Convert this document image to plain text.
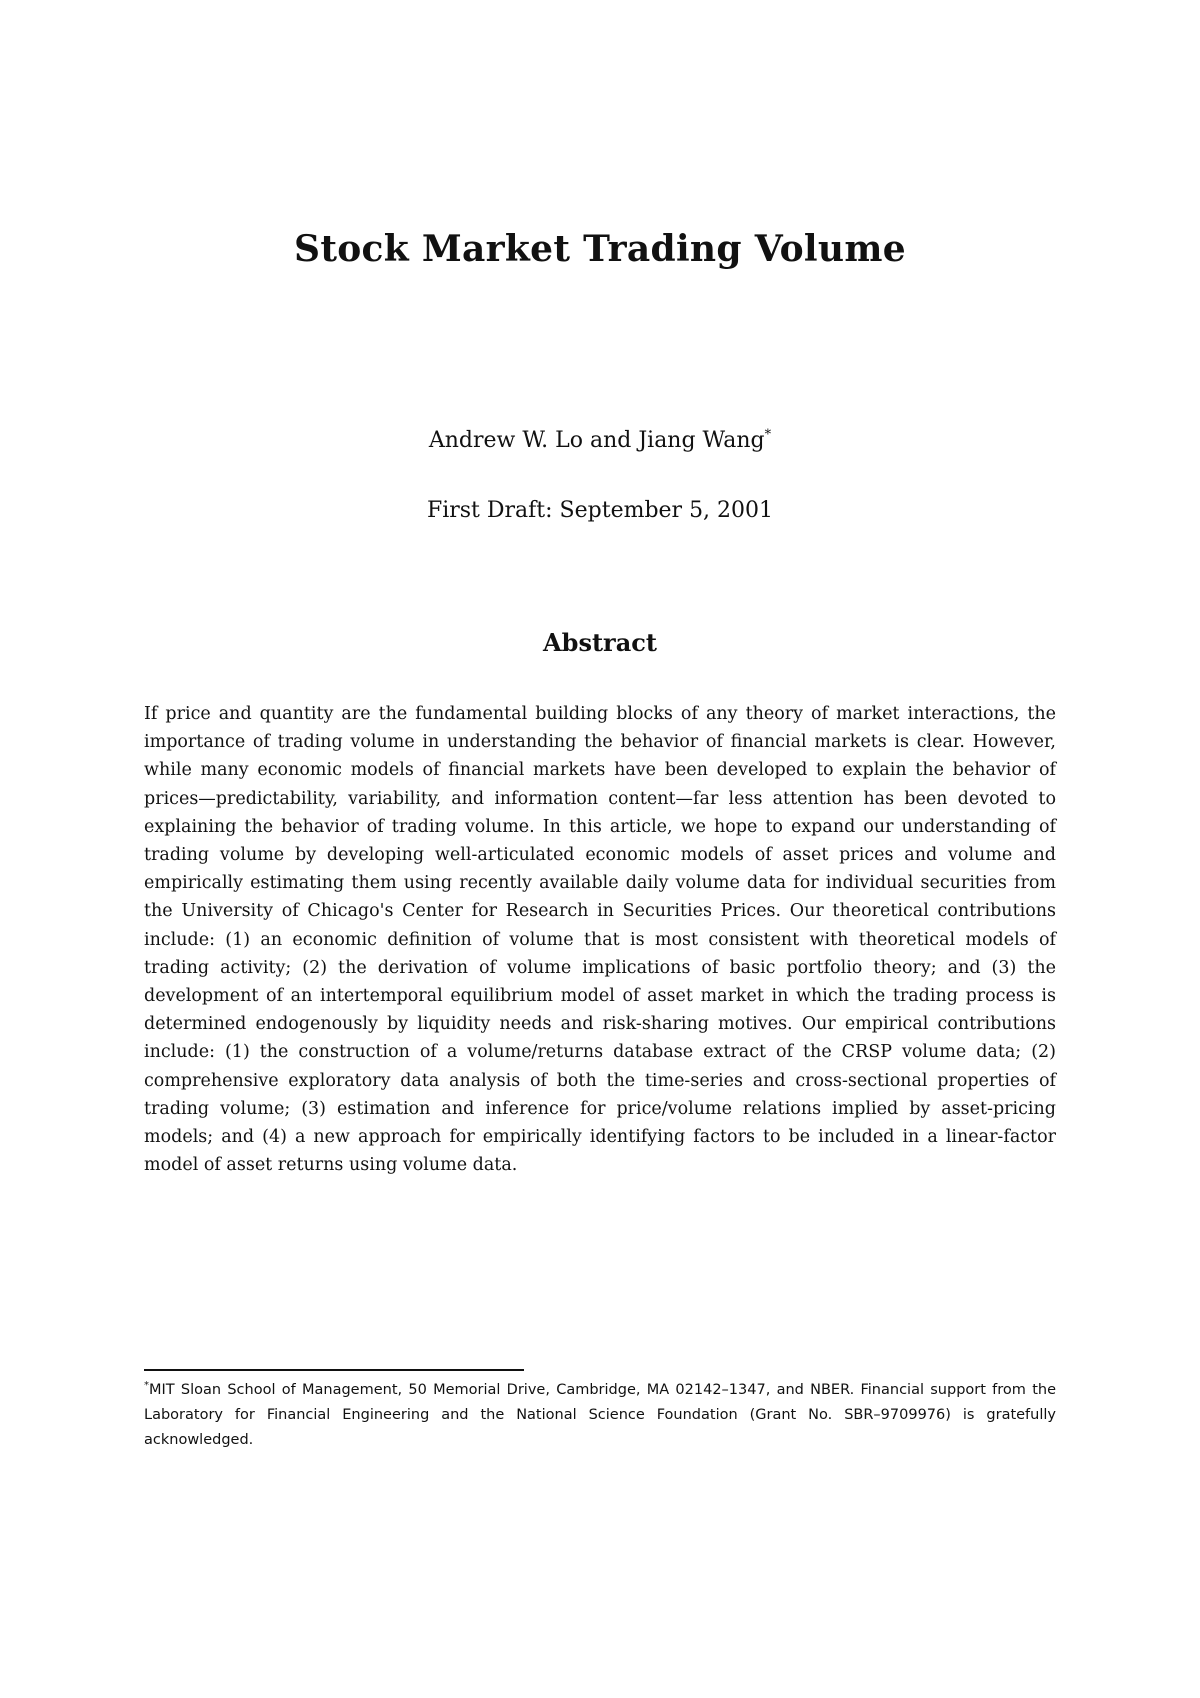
Stock Market Trading Volume
Andrew W. Lo and Jiang Wang*
First Draft: September 5, 2001
Abstract
If price and quantity are the fundamental building blocks of any theory of market interactions, the importance of trading volume in understanding the behavior of financial markets is clear. However, while many economic models of financial markets have been developed to explain the behavior of prices—predictability, variability, and information content—far less attention has been devoted to explaining the behavior of trading volume. In this article, we hope to expand our understanding of trading volume by developing well-articulated economic models of asset prices and volume and empirically estimating them using recently available daily volume data for individual securities from the University of Chicago's Center for Research in Securities Prices. Our theoretical contributions include: (1) an economic definition of volume that is most consistent with theoretical models of trading activity; (2) the derivation of volume implications of basic portfolio theory; and (3) the development of an intertemporal equilibrium model of asset market in which the trading process is determined endogenously by liquidity needs and risk-sharing motives. Our empirical contributions include: (1) the construction of a volume/returns database extract of the CRSP volume data; (2) comprehensive exploratory data analysis of both the time-series and cross-sectional properties of trading volume; (3) estimation and inference for price/volume relations implied by asset-pricing models; and (4) a new approach for empirically identifying factors to be included in a linear-factor model of asset returns using volume data.
*MIT Sloan School of Management, 50 Memorial Drive, Cambridge, MA 02142–1347, and NBER. Financial support from the Laboratory for Financial Engineering and the National Science Foundation (Grant No. SBR–9709976) is gratefully acknowledged.
